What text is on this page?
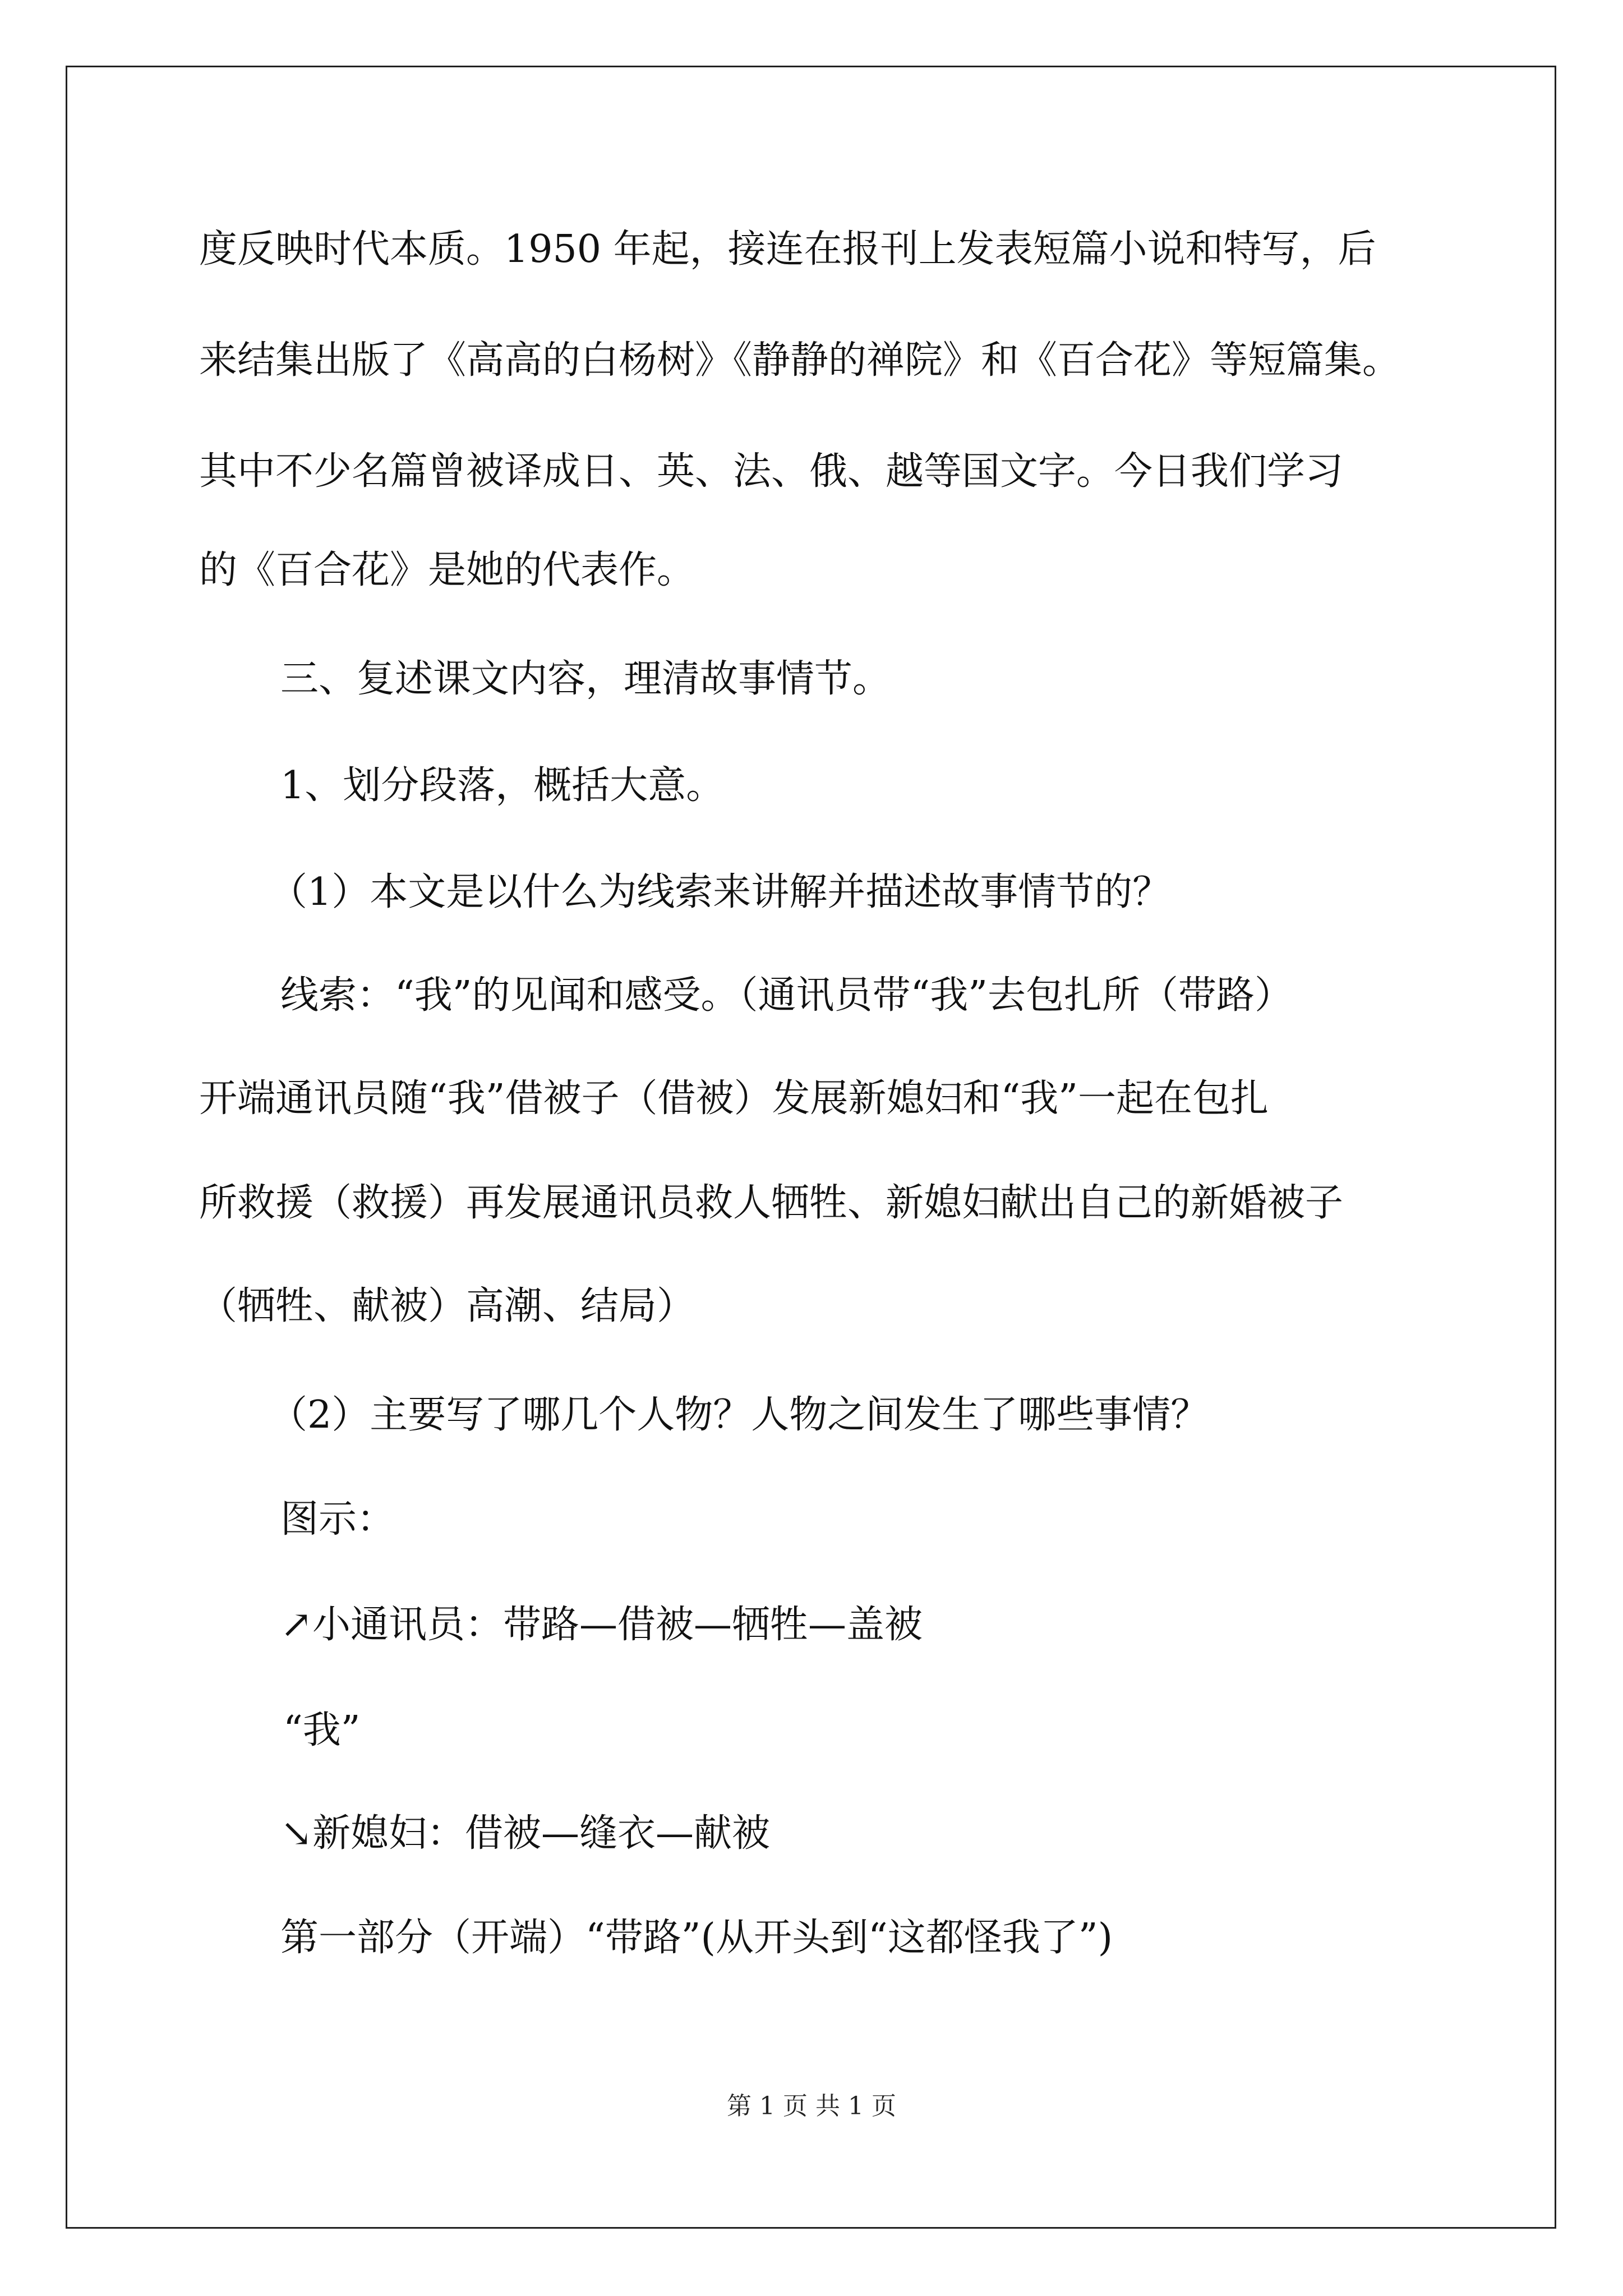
度反映时代本质。1950 年起，接连在报刊上发表短篇小说和特写，后
来结集出版了《高高的白杨树》《静静的禅院》和《百合花》等短篇集。
其中不少名篇曾被译成日、英、法、俄、越等国文字。今日我们学习
的《百合花》是她的代表作。
三、复述课文内容，理清故事情节。
1、划分段落，概括大意。
（1）本文是以什么为线索来讲解并描述故事情节的？
线索：“我”的见闻和感受。（通讯员带“我”去包扎所（带路）
开端通讯员随“我”借被子（借被）发展新媳妇和“我”一起在包扎
所救援（救援）再发展通讯员救人牺牲、新媳妇献出自己的新婚被子
（牺牲、献被）高潮、结局）
（2）主要写了哪几个人物？人物之间发生了哪些事情？
图示：
↗小通讯员：带路—借被—牺牲—盖被
“我”
↘新媳妇：借被—缝衣—献被
第一部分（开端）“带路”(从开头到“这都怪我了”)
第 1 页 共 1 页
